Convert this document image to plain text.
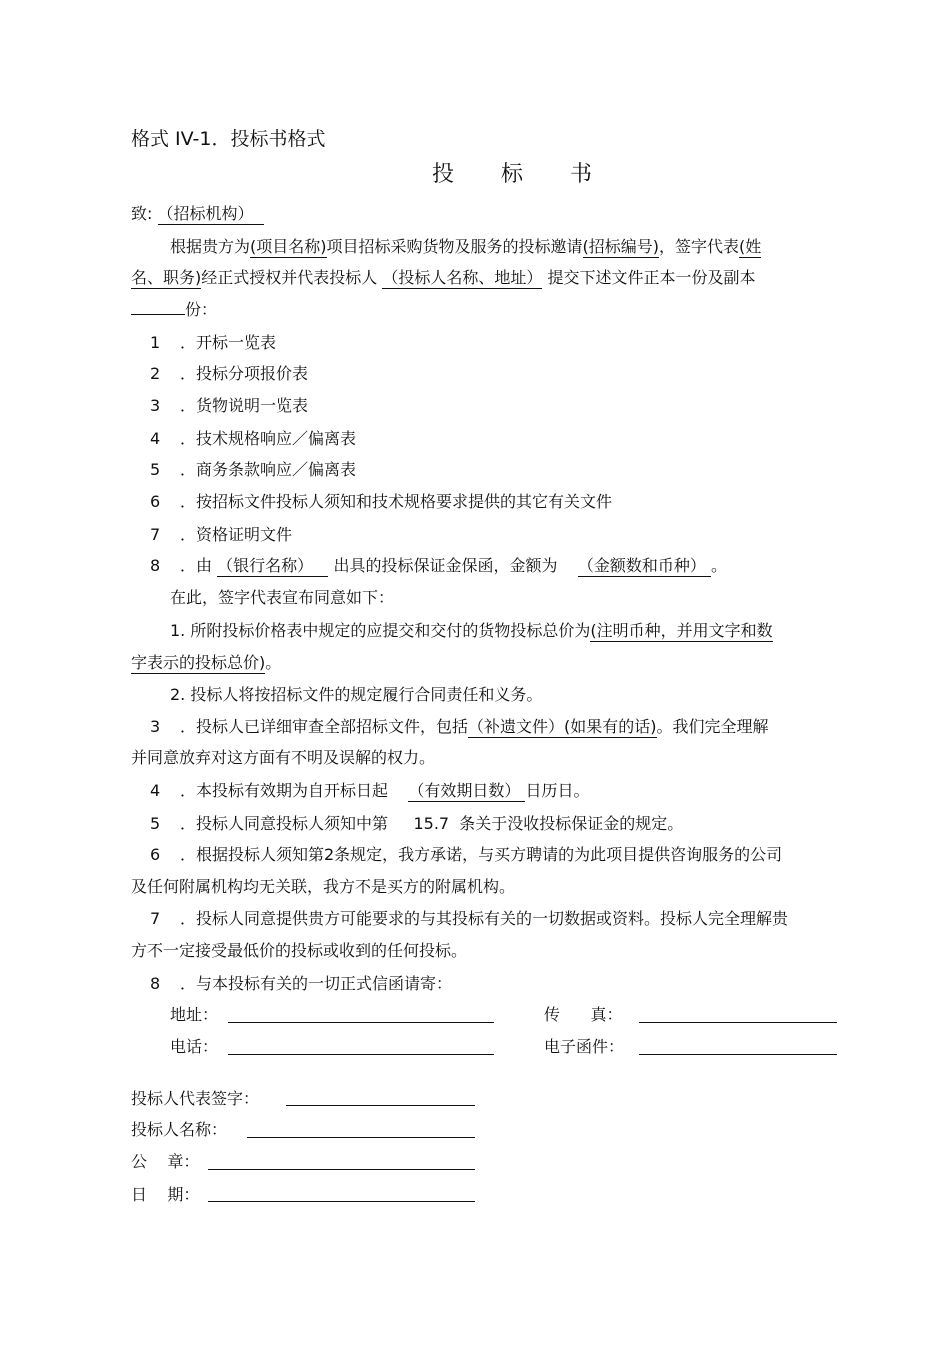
格式 IV-1．投标书格式
投 标 书
致: （招标机构）
根据贵方为(项目名称)项目招标采购货物及服务的投标邀请(招标编号)，签字代表(姓
名、职务)经正式授权并代表投标人 （投标人名称、地址） 提交下述文件正本一份及副本
份：
1 ．开标一览表
2 ．投标分项报价表
3 ．货物说明一览表
4 ．技术规格响应／偏离表
5 ．商务条款响应／偏离表
6 ．按招标文件投标人须知和技术规格要求提供的其它有关文件
7 ．资格证明文件
8 ．由 （银行名称） 出具的投标保证金保函，金额为 （金额数和币种） 。
在此，签字代表宣布同意如下：
1. 所附投标价格表中规定的应提交和交付的货物投标总价为(注明币种，并用文字和数
字表示的投标总价)。
2. 投标人将按招标文件的规定履行合同责任和义务。
3 ．投标人已详细审查全部招标文件，包括（补遗文件）(如果有的话)。我们完全理解
并同意放弃对这方面有不明及误解的权力。
4 ．本投标有效期为自开标日起 （有效期日数） 日历日。
5 ．投标人同意投标人须知中第 15.7 条关于没收投标保证金的规定。
6 ．根据投标人须知第2条规定，我方承诺，与买方聘请的为此项目提供咨询服务的公司
及任何附属机构均无关联，我方不是买方的附属机构。
7 ．投标人同意提供贵方可能要求的与其投标有关的一切数据或资料。投标人完全理解贵
方不一定接受最低价的投标或收到的任何投标。
8 ．与本投标有关的一切正式信函请寄：
地址：	传      真：
电话：	电子函件：
投标人代表签字：
投标人名称：
公    章：
日    期：
